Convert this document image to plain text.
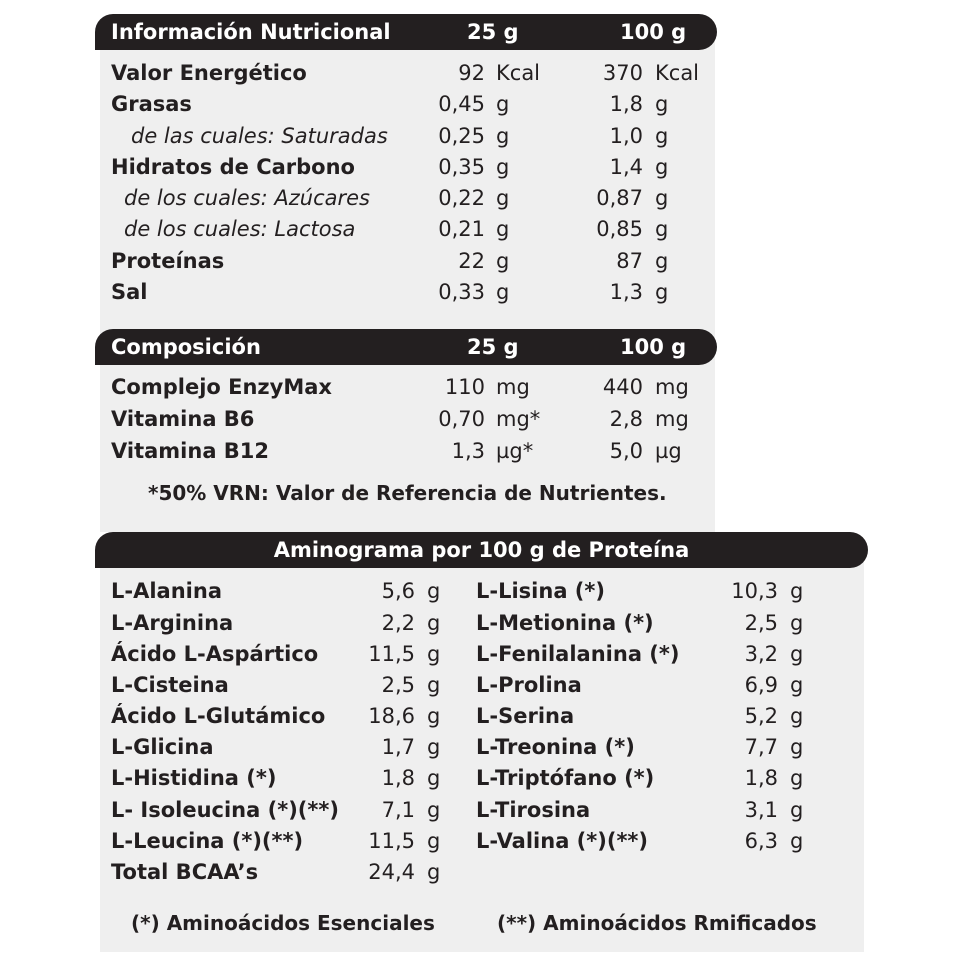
Información Nutricional	25 g	100 g
Valor Energético	92 Kcal	370 Kcal
Grasas	0,45 g	1,8 g
de las cuales: Saturadas	0,25 g	1,0 g
Hidratos de Carbono	0,35 g	1,4 g
de los cuales: Azúcares	0,22 g	0,87 g
de los cuales: Lactosa	0,21 g	0,85 g
Proteínas	22 g	87 g
Sal	0,33 g	1,3 g
Composición	25 g	100 g
Complejo EnzyMax	110 mg	440 mg
Vitamina B6	0,70 mg*	2,8 mg
Vitamina B12	1,3 µg*	5,0 µg
*50% VRN: Valor de Referencia de Nutrientes.
Aminograma por 100 g de Proteína
L-Alanina	5,6 g
L-Arginina	2,2 g
Ácido L-Aspártico	11,5 g
L-Cisteina	2,5 g
Ácido L-Glutámico	18,6 g
L-Glicina	1,7 g
L-Histidina (*)	1,8 g
L- Isoleucina (*)(**)	7,1 g
L-Leucina (*)(**)	11,5 g
Total BCAA’s	24,4 g
L-Lisina (*)	10,3 g
L-Metionina (*)	2,5 g
L-Fenilalanina (*)	3,2 g
L-Prolina	6,9 g
L-Serina	5,2 g
L-Treonina (*)	7,7 g
L-Triptófano (*)	1,8 g
L-Tirosina	3,1 g
L-Valina (*)(**)	6,3 g
(*) Aminoácidos Esenciales	(**) Aminoácidos Rmificados
